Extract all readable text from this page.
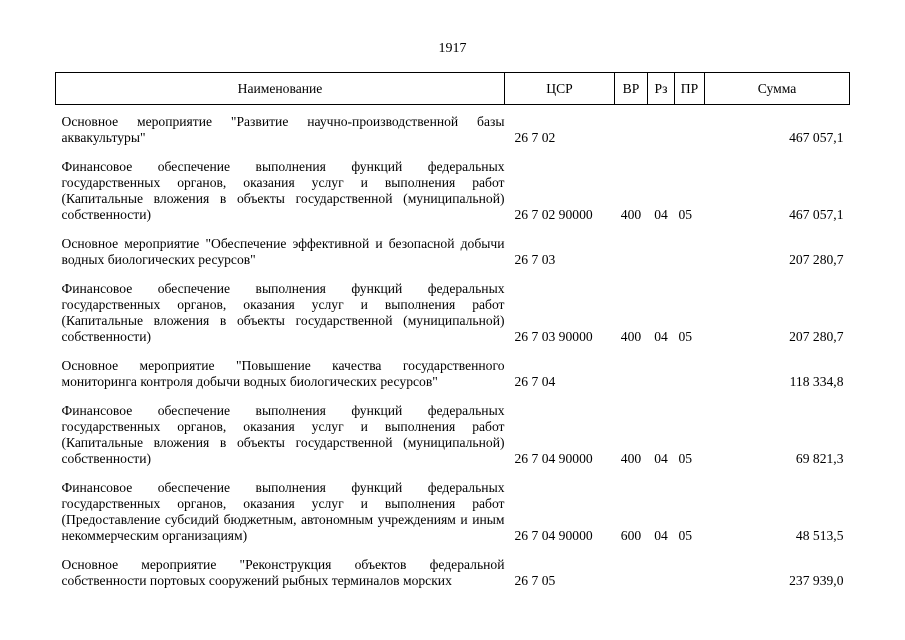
1917
Наименование	ЦСР	ВР	Рз	ПР	Сумма

Основное мероприятие "Развитие научно-производственной базы аквакультуры"	26 7 02				467 057,1

Финансовое обеспечение выполнения функций федеральных государственных органов, оказания услуг и выполнения работ (Капитальные вложения в объекты государственной (муниципальной) собственности)	26 7 02 90000	400	04	05	467 057,1

Основное мероприятие "Обеспечение эффективной и безопасной добычи водных биологических ресурсов"	26 7 03				207 280,7

Финансовое обеспечение выполнения функций федеральных государственных органов, оказания услуг и выполнения работ (Капитальные вложения в объекты государственной (муниципальной) собственности)	26 7 03 90000	400	04	05	207 280,7

Основное мероприятие "Повышение качества государственного мониторинга контроля добычи водных биологических ресурсов"	26 7 04				118 334,8

Финансовое обеспечение выполнения функций федеральных государственных органов, оказания услуг и выполнения работ (Капитальные вложения в объекты государственной (муниципальной) собственности)	26 7 04 90000	400	04	05	69 821,3

Финансовое обеспечение выполнения функций федеральных государственных органов, оказания услуг и выполнения работ (Предоставление субсидий бюджетным, автономным учреждениям и иным некоммерческим организациям)	26 7 04 90000	600	04	05	48 513,5

Основное мероприятие "Реконструкция объектов федеральной собственности портовых сооружений рыбных терминалов морских	26 7 05				237 939,0
